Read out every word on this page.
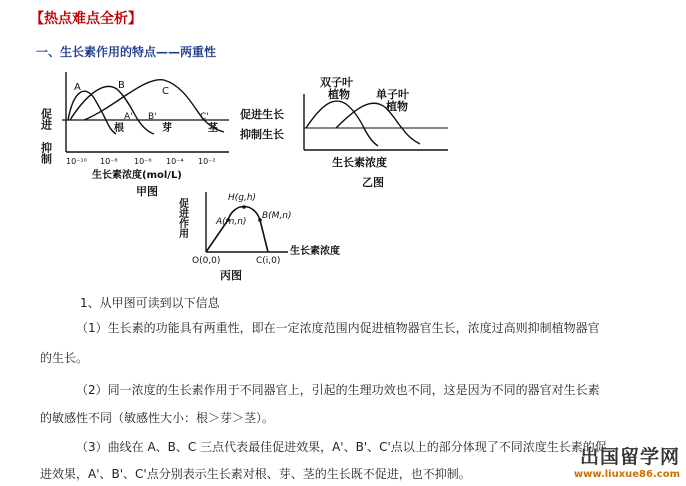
【热点难点全析】
一、生长素作用的特点——两重性
促进
抑制
A	B
C
A' B'	C'
根	芽	茎
10⁻¹⁰ 10⁻⁸ 10⁻⁶ 10⁻⁴ 10⁻²
生长素浓度(mol/L)
甲图
双子叶
植物 单子叶
植物
促进生长
抑制生长
生长素浓度
乙图
促进作用	H(g,h)
A(m,n)
B(M,n)
生长素浓度
O(0,0)	C(i,0)
丙图
1、从甲图可读到以下信息
（1）生长素的功能具有两重性，即在一定浓度范围内促进植物器官生长，浓度过高则抑制植物器官
的生长。
（2）同一浓度的生长素作用于不同器官上，引起的生理功效也不同，这是因为不同的器官对生长素
的敏感性不同（敏感性大小：根＞芽＞茎）。
（3）曲线在 A、B、C 三点代表最佳促进效果，A'、B'、C'点以上的部分体现了不同浓度生长素的促
进效果，A'、B'、C'点分别表示生长素对根、芽、茎的生长既不促进，也不抑制。
出国留学网
www.liuxue86.com
